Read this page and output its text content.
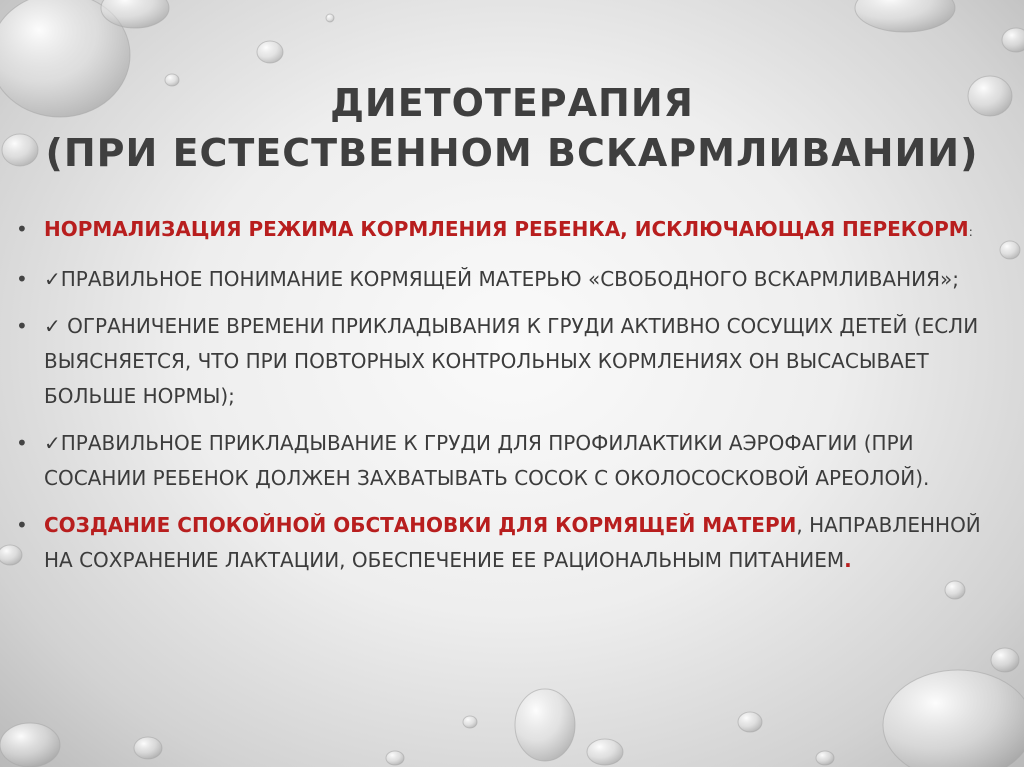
ДИЕТОТЕРАПИЯ
(ПРИ ЕСТЕСТВЕННОМ ВСКАРМЛИВАНИИ)
• НОРМАЛИЗАЦИЯ РЕЖИМА КОРМЛЕНИЯ РЕБЕНКА, ИСКЛЮЧАЮЩАЯ ПЕРЕКОРМ:
• ✓ПРАВИЛЬНОЕ ПОНИМАНИЕ КОРМЯЩЕЙ МАТЕРЬЮ «СВОБОДНОГО ВСКАРМЛИВАНИЯ»;
• ✓ ОГРАНИЧЕНИЕ ВРЕМЕНИ ПРИКЛАДЫВАНИЯ К ГРУДИ АКТИВНО СОСУЩИХ ДЕТЕЙ (ЕСЛИ ВЫЯСНЯЕТСЯ, ЧТО ПРИ ПОВТОРНЫХ КОНТРОЛЬНЫХ КОРМЛЕНИЯХ ОН ВЫСАСЫВАЕТ БОЛЬШЕ НОРМЫ);
• ✓ПРАВИЛЬНОЕ ПРИКЛАДЫВАНИЕ К ГРУДИ ДЛЯ ПРОФИЛАКТИКИ АЭРОФАГИИ (ПРИ СОСАНИИ РЕБЕНОК ДОЛЖЕН ЗАХВАТЫВАТЬ СОСОК С ОКОЛОСОСКОВОЙ АРЕОЛОЙ).
• СОЗДАНИЕ СПОКОЙНОЙ ОБСТАНОВКИ ДЛЯ КОРМЯЩЕЙ МАТЕРИ, НАПРАВЛЕННОЙ НА СОХРАНЕНИЕ ЛАКТАЦИИ, ОБЕСПЕЧЕНИЕ ЕЕ РАЦИОНАЛЬНЫМ ПИТАНИЕМ.
